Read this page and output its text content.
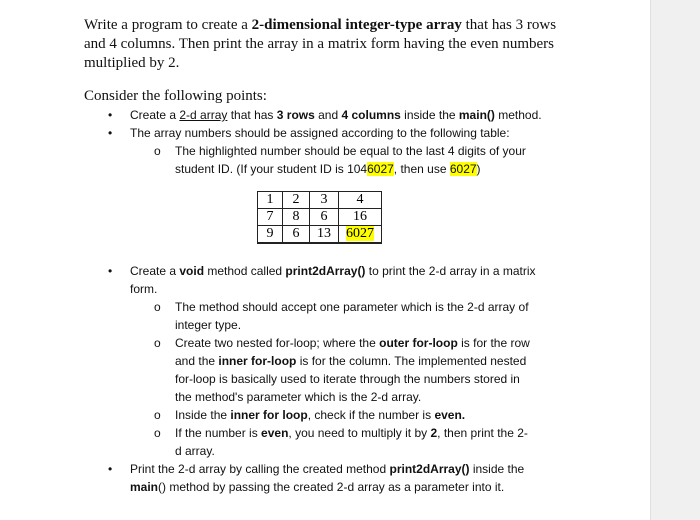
Write a program to create a 2-dimensional integer-type array that has 3 rows
and 4 columns. Then print the array in a matrix form having the even numbers
multiplied by 2.
Consider the following points:
Create a 2-d array that has 3 rows and 4 columns inside the main() method.
•
The array numbers should be assigned according to the following table:
•
The highlighted number should be equal to the last 4 digits of your
o
student ID. (If your student ID is 1046027, then use 6027)
Create a void method called print2dArray() to print the 2-d array in a matrix
•
form.
The method should accept one parameter which is the 2-d array of
o
integer type.
Create two nested for-loop; where the outer for-loop is for the row
o
and the inner for-loop is for the column. The implemented nested
for-loop is basically used to iterate through the numbers stored in
the method's parameter which is the 2-d array.
Inside the inner for loop, check if the number is even.
o
If the number is even, you need to multiply it by 2, then print the 2-
o
d array.
Print the 2-d array by calling the created method print2dArray() inside the
•
main() method by passing the created 2-d array as a parameter into it.
1	2	3	4
7	8	6	16
9	6	13	6027
